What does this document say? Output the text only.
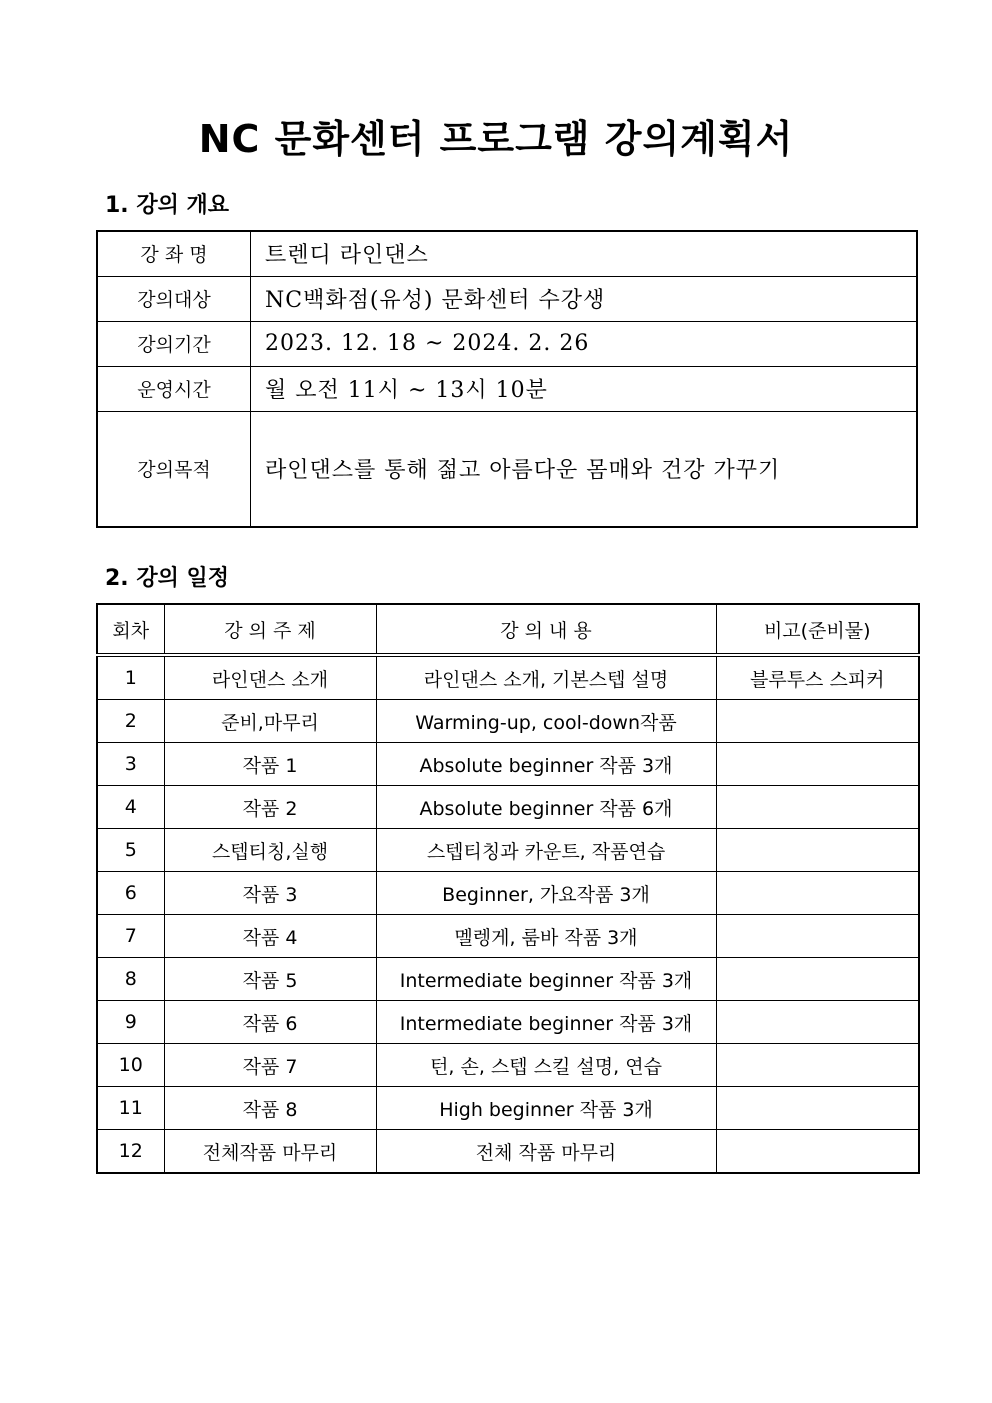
NC 문화센터 프로그램 강의계획서
1. 강의 개요
강 좌 명	트렌디 라인댄스
강의대상	NC백화점(유성) 문화센터 수강생
강의기간	2023. 12. 18 ~ 2024. 2. 26
운영시간	월 오전 11시 ~ 13시 10분
강의목적	라인댄스를 통해 젊고 아름다운 몸매와 건강 가꾸기
2. 강의 일정
회차	강 의 주 제	강 의 내 용	비고(준비물)
1	라인댄스 소개	라인댄스 소개, 기본스텝 설명	블루투스 스피커
2	준비,마무리	Warming-up, cool-down작품	
3	작품 1	Absolute beginner 작품 3개	
4	작품 2	Absolute beginner 작품 6개	
5	스텝티칭,실행	스텝티칭과 카운트, 작품연습	
6	작품 3	Beginner, 가요작품 3개	
7	작품 4	멜렝게, 룸바 작품 3개	
8	작품 5	Intermediate beginner 작품 3개	
9	작품 6	Intermediate beginner 작품 3개	
10	작품 7	턴, 손, 스텝 스킬 설명, 연습	
11	작품 8	High beginner 작품 3개	
12	전체작품 마무리	전체 작품 마무리	
